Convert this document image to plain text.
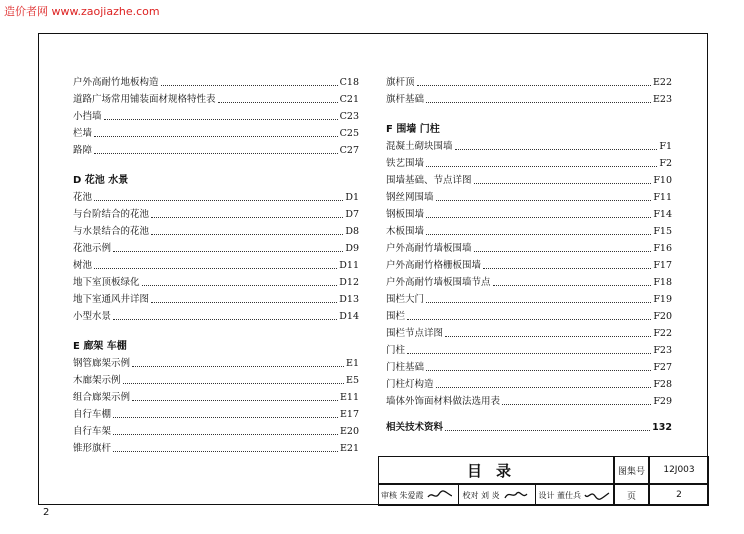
造价者网 www.zaojiazhe.com
户外高耐竹地板构造	C18
道路广场常用铺装面材规格特性表	C21
小挡墙	C23
栏墙	C25
路障	C27
D 花池 水景
花池	D1
与台阶结合的花池	D7
与水景结合的花池	D8
花池示例	D9
树池	D11
地下室顶板绿化	D12
地下室通风井详图	D13
小型水景	D14
E 廊架 车棚
钢管廊架示例	E1
木廊架示例	E5
组合廊架示例	E11
自行车棚	E17
自行车架	E20
锥形旗杆	E21
旗杆顶	E22
旗杆基础	E23
F 围墙 门柱
混凝土砌块围墙	F1
铁艺围墙	F2
围墙基础、节点详图	F10
钢丝网围墙	F11
钢板围墙	F14
木板围墙	F15
户外高耐竹墙板围墙	F16
户外高耐竹格栅板围墙	F17
户外高耐竹墙板围墙节点	F18
围栏大门	F19
围栏	F20
围栏节点详图	F22
门柱	F23
门柱基础	F27
门柱灯构造	F28
墙体外饰面材料做法选用表	F29
相关技术资料	132
目录	图集号	12J003
审核 朱爱霞	校对 刘 炎	设计 董仕兵	页	2
2
